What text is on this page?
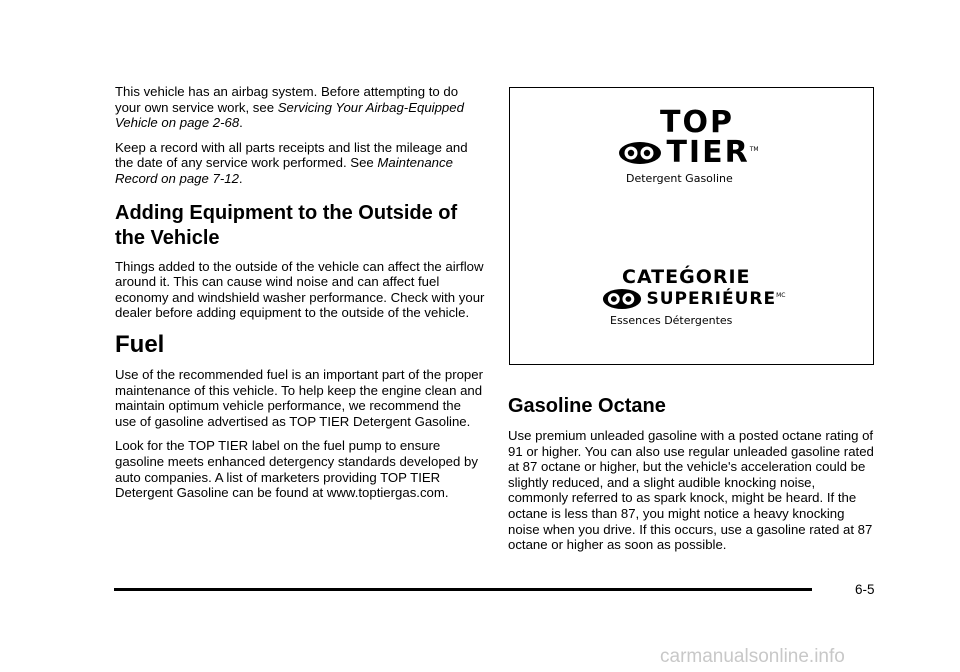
This vehicle has an airbag system. Before attempting to do your own service work, see Servicing Your Airbag-Equipped Vehicle on page 2-68.

Keep a record with all parts receipts and list the mileage and the date of any service work performed. See Maintenance Record on page 7-12.

Adding Equipment to the Outside of the Vehicle

Things added to the outside of the vehicle can affect the airflow around it. This can cause wind noise and can affect fuel economy and windshield washer performance. Check with your dealer before adding equipment to the outside of the vehicle.

Fuel

Use of the recommended fuel is an important part of the proper maintenance of this vehicle. To help keep the engine clean and maintain optimum vehicle performance, we recommend the use of gasoline advertised as TOP TIER Detergent Gasoline.

Look for the TOP TIER label on the fuel pump to ensure gasoline meets enhanced detergency standards developed by auto companies. A list of marketers providing TOP TIER Detergent Gasoline can be found at www.toptiergas.com.

TOP
TIER™
Detergent Gasoline
CATEǴORIE
$SUPERIÉURE^{MC}$
Essences Détergentes
Gasoline Octane

Use premium unleaded gasoline with a posted octane rating of 91 or higher. You can also use regular unleaded gasoline rated at 87 octane or higher, but the vehicle's acceleration could be slightly reduced, and a slight audible knocking noise, commonly referred to as spark knock, might be heard. If the octane is less than 87, you might notice a heavy knocking noise when you drive. If this occurs, use a gasoline rated at 87 octane or higher as soon as possible.

6-5
carmanualsonline.info
